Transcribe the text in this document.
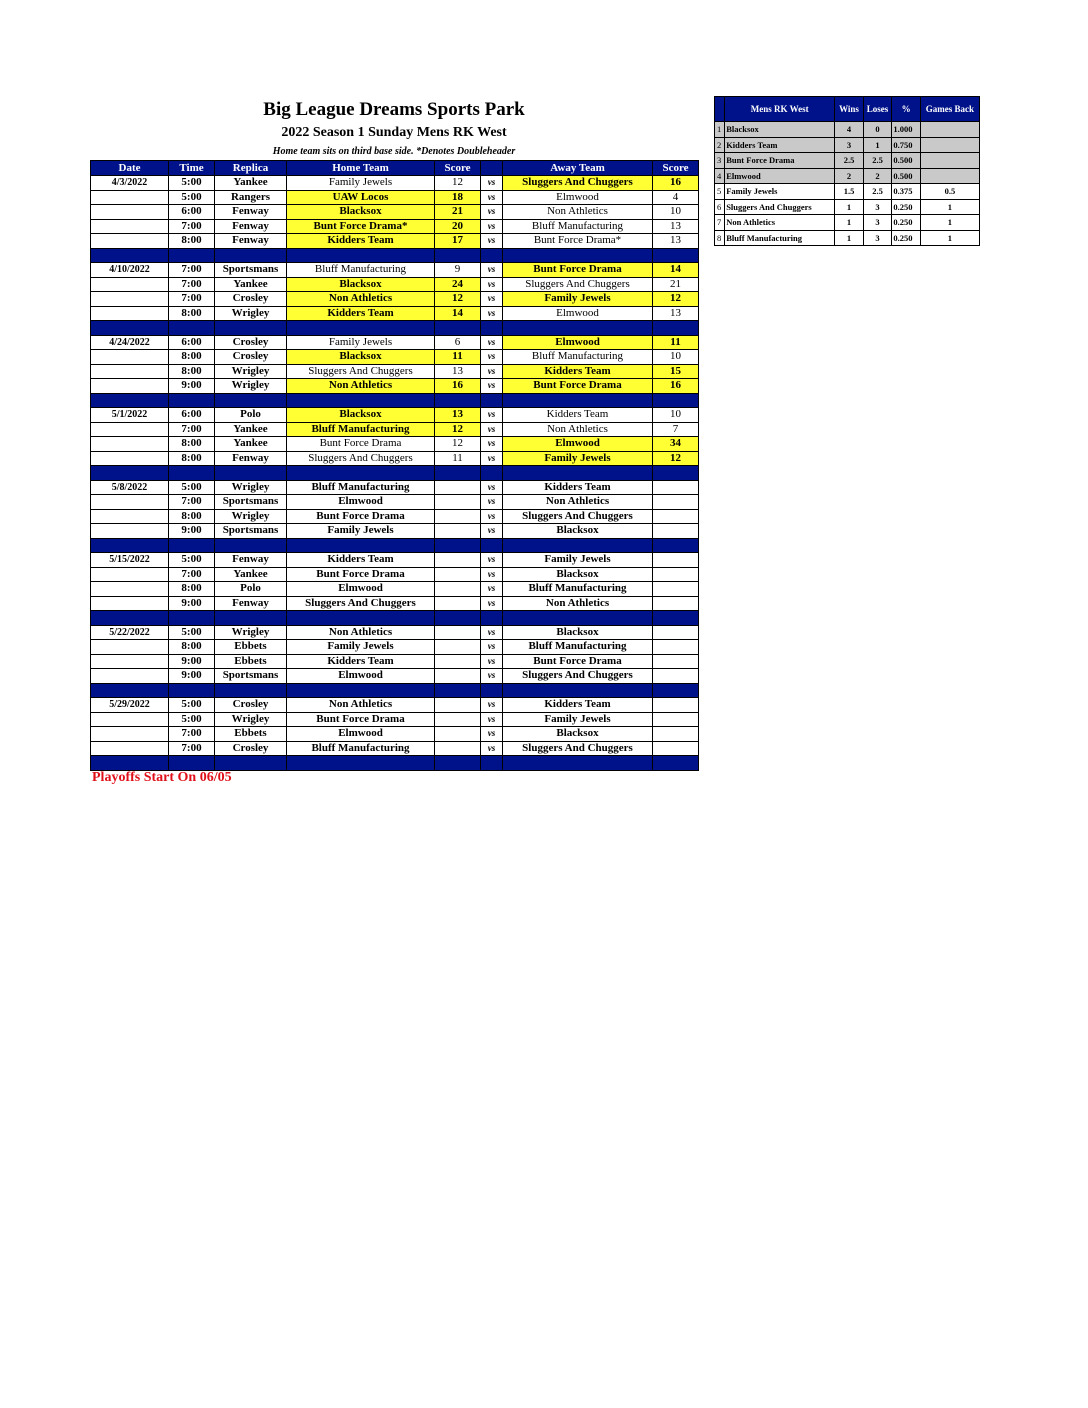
Big League Dreams Sports Park
2022 Season 1 Sunday Mens RK West
Home team sits on third base side. *Denotes Doubleheader
Date	Time	Replica	Home Team	Score		Away Team	Score
4/3/2022	5:00	Yankee	Family Jewels	12	vs	Sluggers And Chuggers	16
	5:00	Rangers	UAW Locos	18	vs	Elmwood	4
	6:00	Fenway	Blacksox	21	vs	Non Athletics	10
	7:00	Fenway	Bunt Force Drama*	20	vs	Bluff Manufacturing	13
	8:00	Fenway	Kidders Team	17	vs	Bunt Force Drama*	13

4/10/2022	7:00	Sportsmans	Bluff Manufacturing	9	vs	Bunt Force Drama	14
	7:00	Yankee	Blacksox	24	vs	Sluggers And Chuggers	21
	7:00	Crosley	Non Athletics	12	vs	Family Jewels	12
	8:00	Wrigley	Kidders Team	14	vs	Elmwood	13

4/24/2022	6:00	Crosley	Family Jewels	6	vs	Elmwood	11
	8:00	Crosley	Blacksox	11	vs	Bluff Manufacturing	10
	8:00	Wrigley	Sluggers And Chuggers	13	vs	Kidders Team	15
	9:00	Wrigley	Non Athletics	16	vs	Bunt Force Drama	16

5/1/2022	6:00	Polo	Blacksox	13	vs	Kidders Team	10
	7:00	Yankee	Bluff Manufacturing	12	vs	Non Athletics	7
	8:00	Yankee	Bunt Force Drama	12	vs	Elmwood	34
	8:00	Fenway	Sluggers And Chuggers	11	vs	Family Jewels	12

5/8/2022	5:00	Wrigley	Bluff Manufacturing		vs	Kidders Team	
	7:00	Sportsmans	Elmwood		vs	Non Athletics	
	8:00	Wrigley	Bunt Force Drama		vs	Sluggers And Chuggers	
	9:00	Sportsmans	Family Jewels		vs	Blacksox	

5/15/2022	5:00	Fenway	Kidders Team		vs	Family Jewels	
	7:00	Yankee	Bunt Force Drama		vs	Blacksox	
	8:00	Polo	Elmwood		vs	Bluff Manufacturing	
	9:00	Fenway	Sluggers And Chuggers		vs	Non Athletics	

5/22/2022	5:00	Wrigley	Non Athletics		vs	Blacksox	
	8:00	Ebbets	Family Jewels		vs	Bluff Manufacturing	
	9:00	Ebbets	Kidders Team		vs	Bunt Force Drama	
	9:00	Sportsmans	Elmwood		vs	Sluggers And Chuggers	

5/29/2022	5:00	Crosley	Non Athletics		vs	Kidders Team	
	5:00	Wrigley	Bunt Force Drama		vs	Family Jewels	
	7:00	Ebbets	Elmwood		vs	Blacksox	
	7:00	Crosley	Bluff Manufacturing		vs	Sluggers And Chuggers	

Playoffs Start On 06/05
	Mens RK West	Wins	Loses	%	Games Back
1	Blacksox	4	0	1.000	
2	Kidders Team	3	1	0.750	
3	Bunt Force Drama	2.5	2.5	0.500	
4	Elmwood	2	2	0.500	
5	Family Jewels	1.5	2.5	0.375	0.5
6	Sluggers And Chuggers	1	3	0.250	1
7	Non Athletics	1	3	0.250	1
8	Bluff Manufacturing	1	3	0.250	1
